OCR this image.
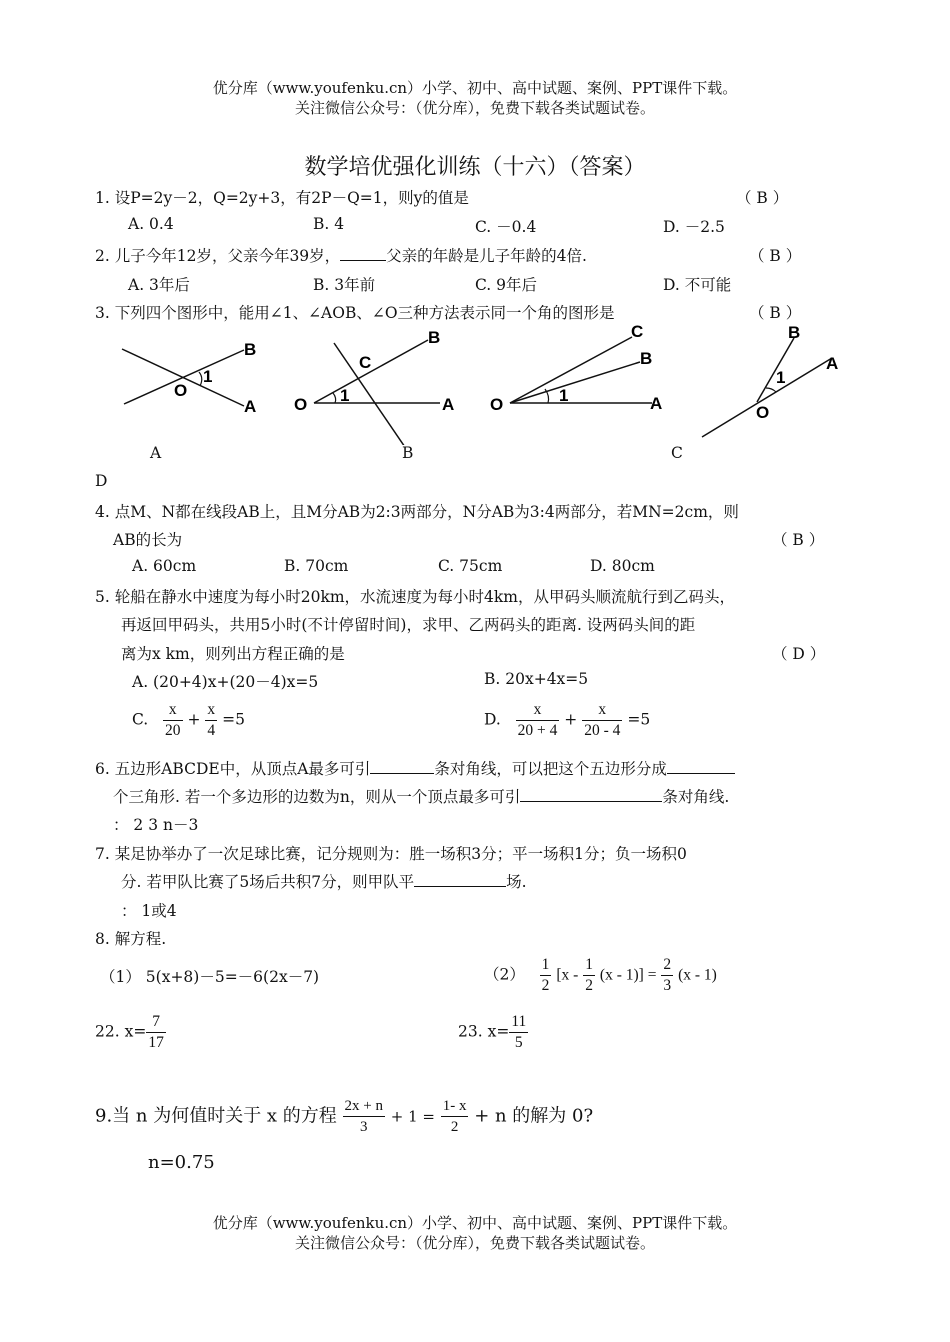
优分库（www.youfenku.cn）小学、初中、高中试题、案例、PPT课件下载。
关注微信公众号：（优分库），免费下载各类试题试卷。
数学培优强化训练（十六）（答案）
1. 设P=2y－2，Q=2y+3，有2P－Q=1，则y的值是	（ B ）
A. 0.4	B. 4	C. －0.4	D. －2.5
2. 儿子今年12岁，父亲今年39岁，	父亲的年龄是儿子年龄的4倍.	（ B ）
A. 3年后	B. 3年前	C. 9年后	D. 不可能
3. 下列四个图形中，能用∠1、∠AOB、∠O三种方法表示同一个角的图形是	（ B ）
O
1
B
A O 1
C
B
A O	1
C
B
A	O
1
B
A
A	B	C
D
4. 点M、N都在线段AB上，且M分AB为2:3两部分，N分AB为3:4两部分，若MN=2cm，则
AB的长为	（ B ）
A. 60cm	B. 70cm	C. 75cm	D. 80cm
5. 轮船在静水中速度为每小时20km，水流速度为每小时4km，从甲码头顺流航行到乙码头，
再返回甲码头，共用5小时(不计停留时间)，求甲、乙两码头的距离. 设两码头间的距
离为x km，则列出方程正确的是	（ D ）
A. (20+4)x+(20－4)x=5	B. 20x+4x=5
C. $\frac{x}{20} + \frac{x}{4} =5$	D. $\frac{x}{20 + 4} + \frac{x}{20 - 4} =5$
6. 五边形ABCDE中，从顶点A最多可引	条对角线，可以把这个五边形分成
个三角形. 若一个多边形的边数为n，则从一个顶点最多可引	条对角线.
： 2 3 n－3
7. 某足协举办了一次足球比赛，记分规则为：胜一场积3分；平一场积1分；负一场积0
分. 若甲队比赛了5场后共积7分，则甲队平	场.
： 1或4
8. 解方程.
（1） 5(x+8)－5=－6(2x－7)	$(2) \frac{1}{2} [x - \frac{1}{2} (x - 1)] = \frac{2}{3} (x - 1)$
22. $x= \frac{7}{17}$	23. $x= \frac{11}{5}$
9.当 n 为何值时关于 x 的方程 $\frac{2x + n}{3} + 1 = \frac{1- x}{2} + n$ 的解为 0?
n=0.75
优分库（www.youfenku.cn）小学、初中、高中试题、案例、PPT课件下载。
关注微信公众号：（优分库），免费下载各类试题试卷。
